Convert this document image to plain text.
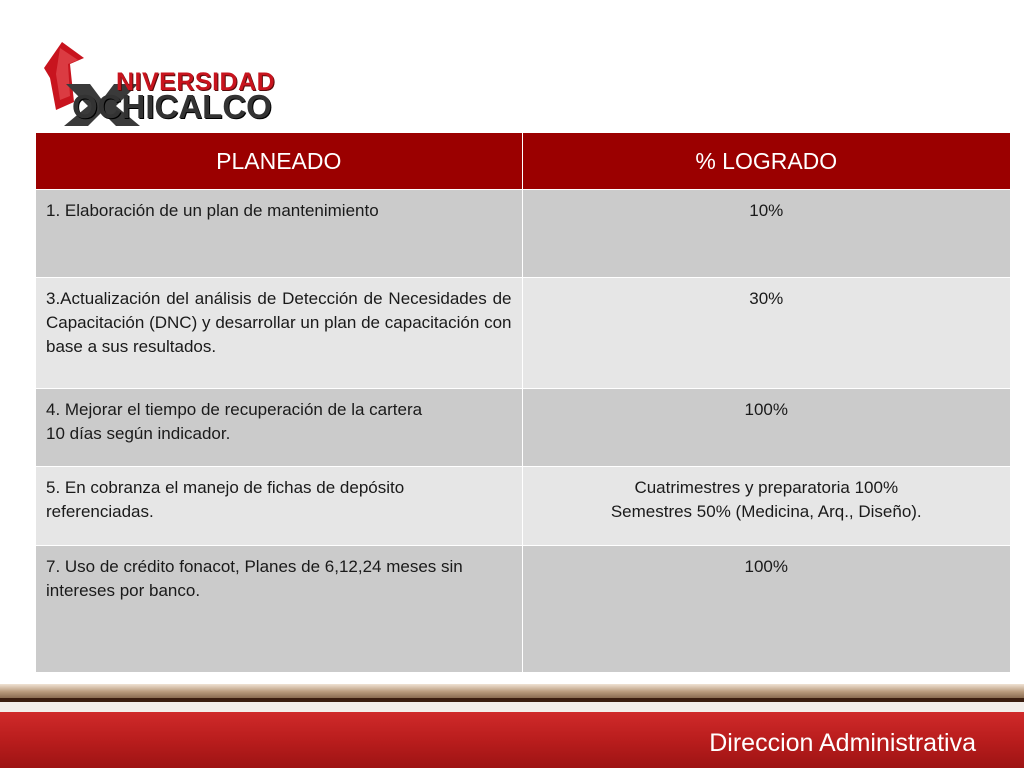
NIVERSIDAD
OCHICALCO
PLANEADO	% LOGRADO
1. Elaboración de un plan de mantenimiento	10%
3.Actualización del análisis de Detección de Necesidades de Capacitación (DNC) y desarrollar un plan de capacitación con base a sus resultados.	30%
4. Mejorar el tiempo de recuperación de la cartera
10 días según indicador.	100%
5. En cobranza el manejo de fichas de depósito referenciadas.	Cuatrimestres y preparatoria 100%
Semestres 50% (Medicina, Arq., Diseño).
7. Uso de crédito fonacot, Planes de 6,12,24 meses sin intereses por banco.	100%
Direccion Administrativa
